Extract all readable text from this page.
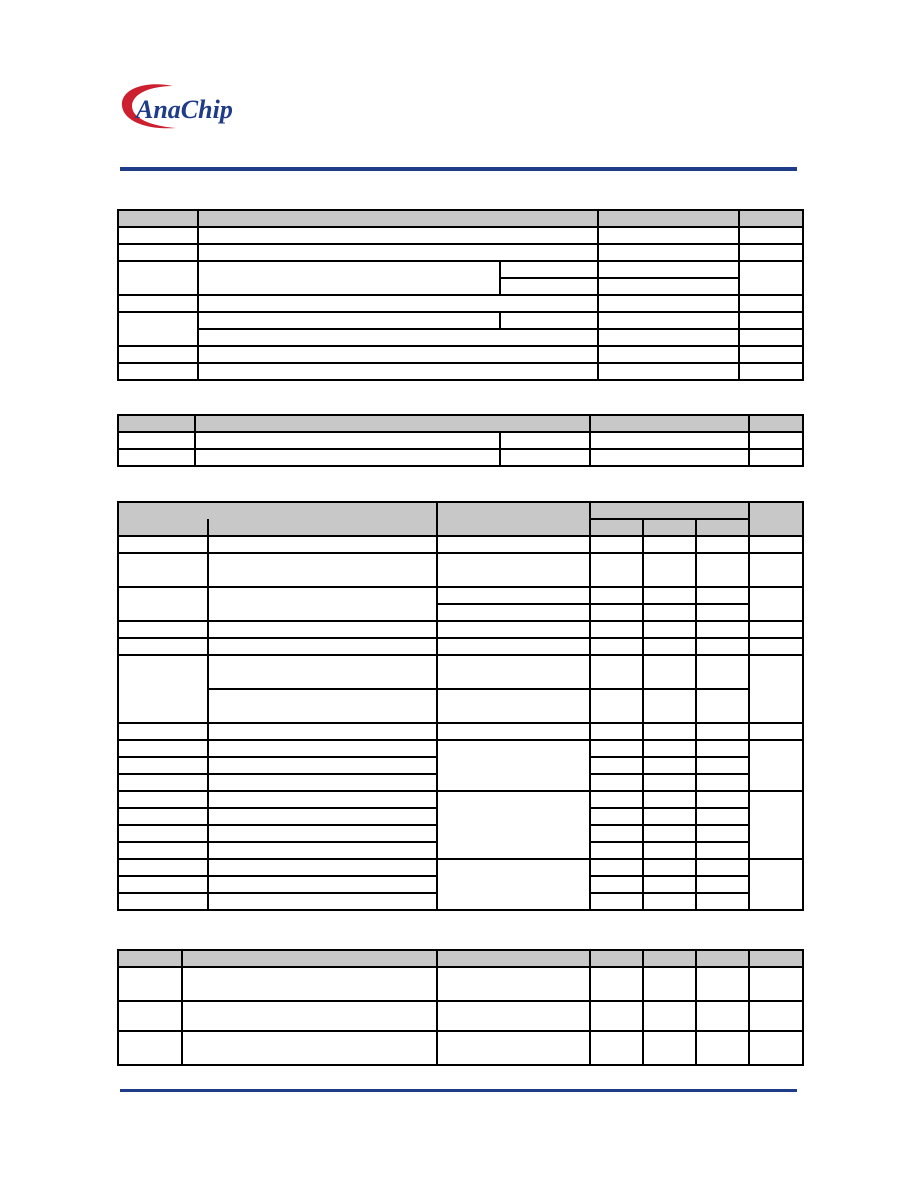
AnaChip
